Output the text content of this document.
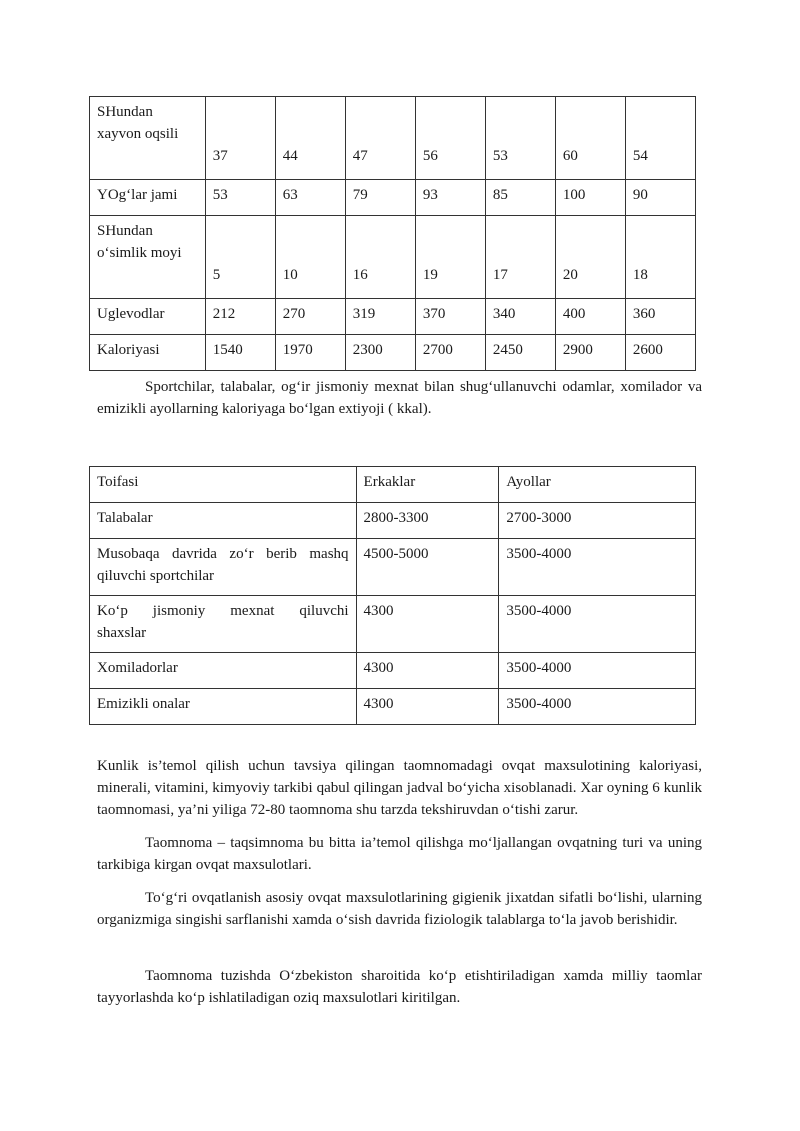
SHundan xayvon oqsili	37	44	47	56	53	60	54
YOg‘lar jami	53	63	79	93	85	100	90
SHundan o‘simlik moyi	5	10	16	19	17	20	18
Uglevodlar	212	270	319	370	340	400	360
Kaloriyasi	1540	1970	2300	2700	2450	2900	2600

Sportchilar, talabalar, og‘ir jismoniy mexnat bilan shug‘ullanuvchi odamlar, xomilador va emizikli ayollarning kaloriyaga bo‘lgan extiyoji ( kkal).

Toifasi	Erkaklar	Ayollar
Talabalar	2800-3300	2700-3000

Musobaqa davrida zo‘r berib mashq
qiluvchi sportchilar	4500-5000	3500-4000

Ko‘p jismoniy mexnat qiluvchi
shaxslar	4300	3500-4000
Xomiladorlar	4300	3500-4000
Emizikli onalar	4300	3500-4000

Kunlik is’temol qilish uchun tavsiya qilingan taomnomadagi ovqat maxsulotining kaloriyasi, minerali, vitamini, kimyoviy tarkibi qabul qilingan jadval bo‘yicha xisoblanadi. Xar oyning 6 kunlik taomnomasi, ya’ni yiliga 72-80 taomnoma shu tarzda tekshiruvdan o‘tishi zarur.

Taomnoma – taqsimnoma bu bitta ia’temol qilishga mo‘ljallangan ovqatning turi va uning tarkibiga kirgan ovqat maxsulotlari.

To‘g‘ri ovqatlanish asosiy ovqat maxsulotlarining gigienik jixatdan sifatli bo‘lishi, ularning organizmiga singishi sarflanishi xamda o‘sish davrida fiziologik talablarga to‘la javob berishidir.

Taomnoma tuzishda O‘zbekiston sharoitida ko‘p etishtiriladigan xamda milliy taomlar tayyorlashda ko‘p ishlatiladigan oziq maxsulotlari kiritilgan.
